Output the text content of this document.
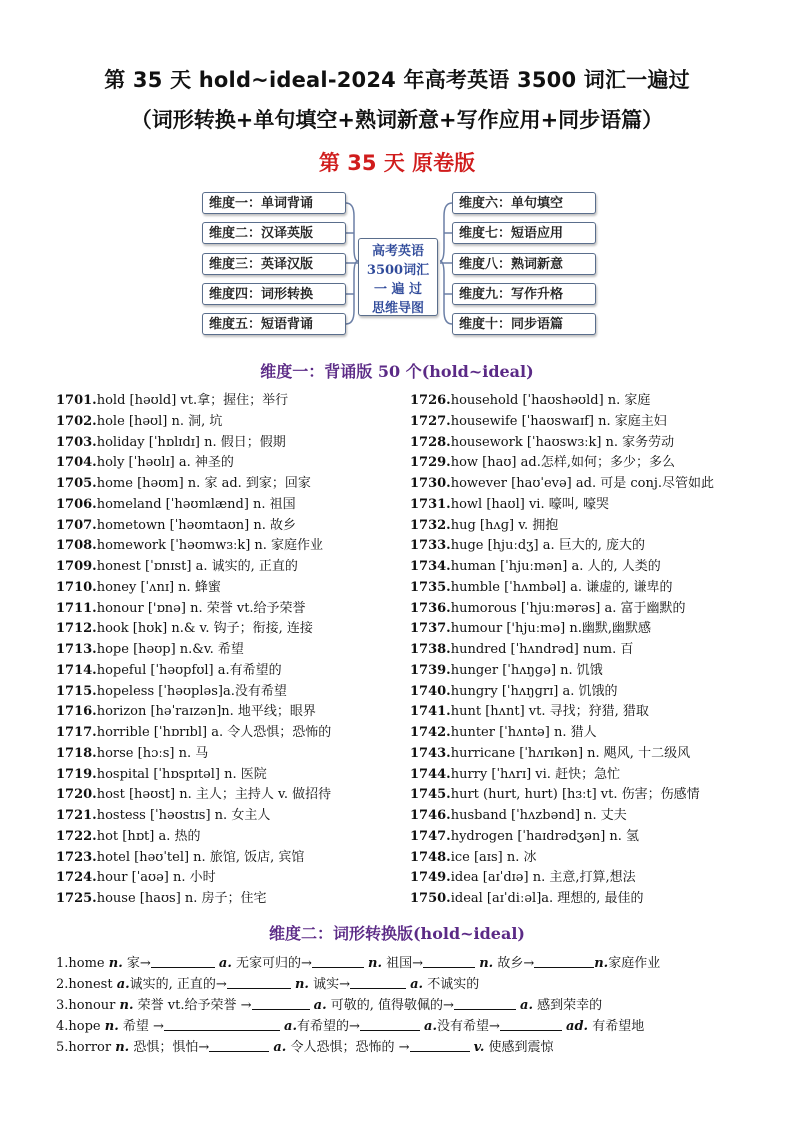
第 35 天 hold~ideal-2024 年高考英语 3500 词汇一遍过
（词形转换+单句填空+熟词新意+写作应用+同步语篇）
第 35 天 原卷版
维度一：单词背诵
维度二：汉译英版
维度三：英译汉版
维度四：词形转换
维度五：短语背诵
高考英语
3500词汇
一 遍 过
思维导图
维度六：单句填空
维度七：短语应用
维度八：熟词新意
维度九：写作升格
维度十：同步语篇
维度一：背诵版 50 个(hold~ideal)
1701.hold [həʊld] vt.拿；握住；举行
1702.hole [həʊl] n. 洞, 坑
1703.holiday [ˈhɒlɪdɪ] n. 假日；假期
1704.holy [ˈhəʊlɪ] a. 神圣的
1705.home [həʊm] n. 家 ad. 到家；回家
1706.homeland [ˈhəʊmlænd] n. 祖国
1707.hometown [ˈhəʊmtaʊn] n. 故乡
1708.homework [ˈhəʊmwɜːk] n. 家庭作业
1709.honest [ˈɒnɪst] a. 诚实的, 正直的
1710.honey [ˈʌnɪ] n. 蜂蜜
1711.honour ['ɒnə] n. 荣誉 vt.给予荣誉
1712.hook [hʊk] n.& v. 钩子；衔接, 连接
1713.hope [həʊp] n.&v. 希望
1714.hopeful [ˈhəʊpfʊl] a.有希望的
1715.hopeless [ˈhəʊpləs]a.没有希望
1716.horizon [həˈraɪzən]n. 地平线；眼界
1717.horrible [ˈhɒrɪbl] a. 令人恐惧；恐怖的
1718.horse [hɔːs] n. 马
1719.hospital [ˈhɒspɪtəl] n. 医院
1720.host [həʊst] n. 主人；主持人 v. 做招待
1721.hostess [ˈhəʊstɪs] n. 女主人
1722.hot [hɒt] a. 热的
1723.hotel [həʊˈtel] n. 旅馆, 饭店, 宾馆
1724.hour [ˈaʊə] n. 小时
1725.house [haʊs] n. 房子；住宅
1726.household [ˈhaʊshəʊld] n. 家庭
1727.housewife [ˈhaʊswaɪf] n. 家庭主妇
1728.housework [ˈhaʊswɜːk] n. 家务劳动
1729.how [haʊ] ad.怎样,如何；多少；多么
1730.however [haʊˈevə] ad. 可是 conj.尽管如此
1731.howl [haʊl] vi. 嚎叫, 嚎哭
1732.hug [hʌɡ] v. 拥抱
1733.huge [hjuːdʒ] a. 巨大的, 庞大的
1734.human [ˈhjuːmən] a. 人的, 人类的
1735.humble [ˈhʌmbəl] a. 谦虚的, 谦卑的
1736.humorous [ˈhjuːmərəs] a. 富于幽默的
1737.humour ['hjuːmə] n.幽默,幽默感
1738.hundred [ˈhʌndrəd] num. 百
1739.hunger [ˈhʌŋɡə] n. 饥饿
1740.hungry [ˈhʌŋɡrɪ] a. 饥饿的
1741.hunt [hʌnt] vt. 寻找；狩猎, 猎取
1742.hunter [ˈhʌntə] n. 猎人
1743.hurricane [ˈhʌrɪkən] n. 飓风, 十二级风
1744.hurry [ˈhʌrɪ] vi. 赶快；急忙
1745.hurt (hurt, hurt) [hɜːt] vt. 伤害；伤感情
1746.husband [ˈhʌzbənd] n. 丈夫
1747.hydrogen [ˈhaɪdrədʒən] n. 氢
1748.ice [aɪs] n. 冰
1749.idea [aɪˈdɪə] n. 主意,打算,想法
1750.ideal [aɪˈdiːəl]a. 理想的, 最佳的
维度二：词形转换版(hold~ideal)
1.home n. 家→	a. 无家可归的→	n. 祖国→	n. 故乡→	n.家庭作业
2.honest a.诚实的, 正直的→	n. 诚实→	a. 不诚实的
3.honour n. 荣誉 vt.给予荣誉 →	a. 可敬的, 值得敬佩的→	a. 感到荣幸的
4.hope n. 希望 →	a.有希望的→	a.没有希望→	ad. 有希望地
5.horror n. 恐惧；惧怕→	a. 令人恐惧；恐怖的 →	v. 使感到震惊
